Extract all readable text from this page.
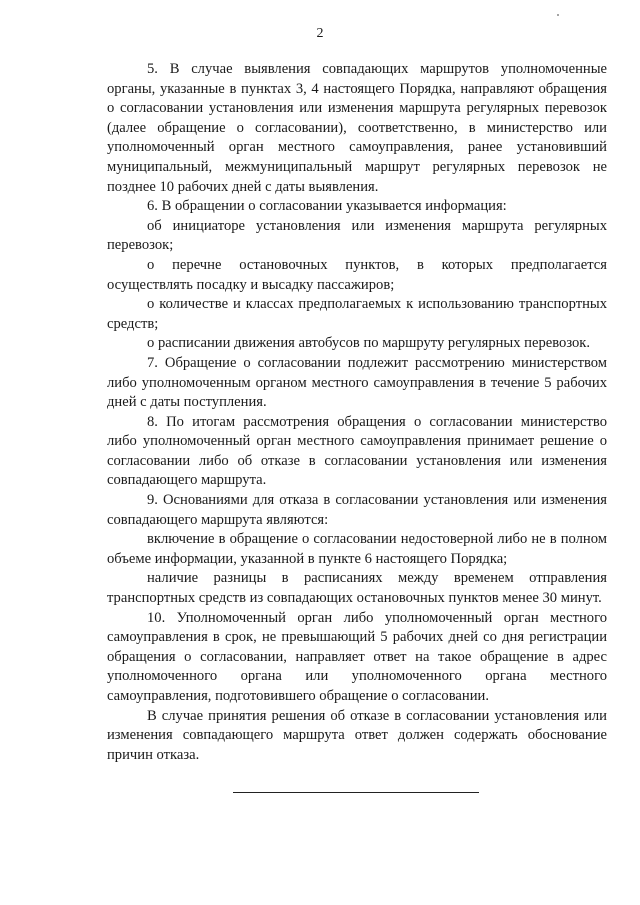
2

5. В случае выявления совпадающих маршрутов уполномоченные органы, указанные в пунктах 3, 4 настоящего Порядка, направляют обращения о согласовании установления или изменения маршрута регулярных перевозок (далее обращение о согласовании), соответственно, в министерство или уполномоченный орган местного самоуправления, ранее установивший муниципальный, межмуниципальный маршрут регулярных перевозок не позднее 10 рабочих дней с даты выявления.

6. В обращении о согласовании указывается информация:

об инициаторе установления или изменения маршрута регулярных перевозок;

о перечне остановочных пунктов, в которых предполагается осуществлять посадку и высадку пассажиров;

о количестве и классах предполагаемых к использованию транспортных средств;

о расписании движения автобусов по маршруту регулярных перевозок.

7. Обращение о согласовании подлежит рассмотрению министерством либо уполномоченным органом местного самоуправления в течение 5 рабочих дней с даты поступления.

8. По итогам рассмотрения обращения о согласовании министерство либо уполномоченный орган местного самоуправления принимает решение о согласовании либо об отказе в согласовании установления или изменения совпадающего маршрута.

9. Основаниями для отказа в согласовании установления или изменения совпадающего маршрута являются:

включение в обращение о согласовании недостоверной либо не в полном объеме информации, указанной в пункте 6 настоящего Порядка;

наличие разницы в расписаниях между временем отправления транспортных средств из совпадающих остановочных пунктов менее 30 минут.

10. Уполномоченный орган либо уполномоченный орган местного самоуправления в срок, не превышающий 5 рабочих дней со дня регистрации обращения о согласовании, направляет ответ на такое обращение в адрес уполномоченного органа или уполномоченного органа местного самоуправления, подготовившего обращение о согласовании.

В случае принятия решения об отказе в согласовании установления или изменения совпадающего маршрута ответ должен содержать обоснование причин отказа.
